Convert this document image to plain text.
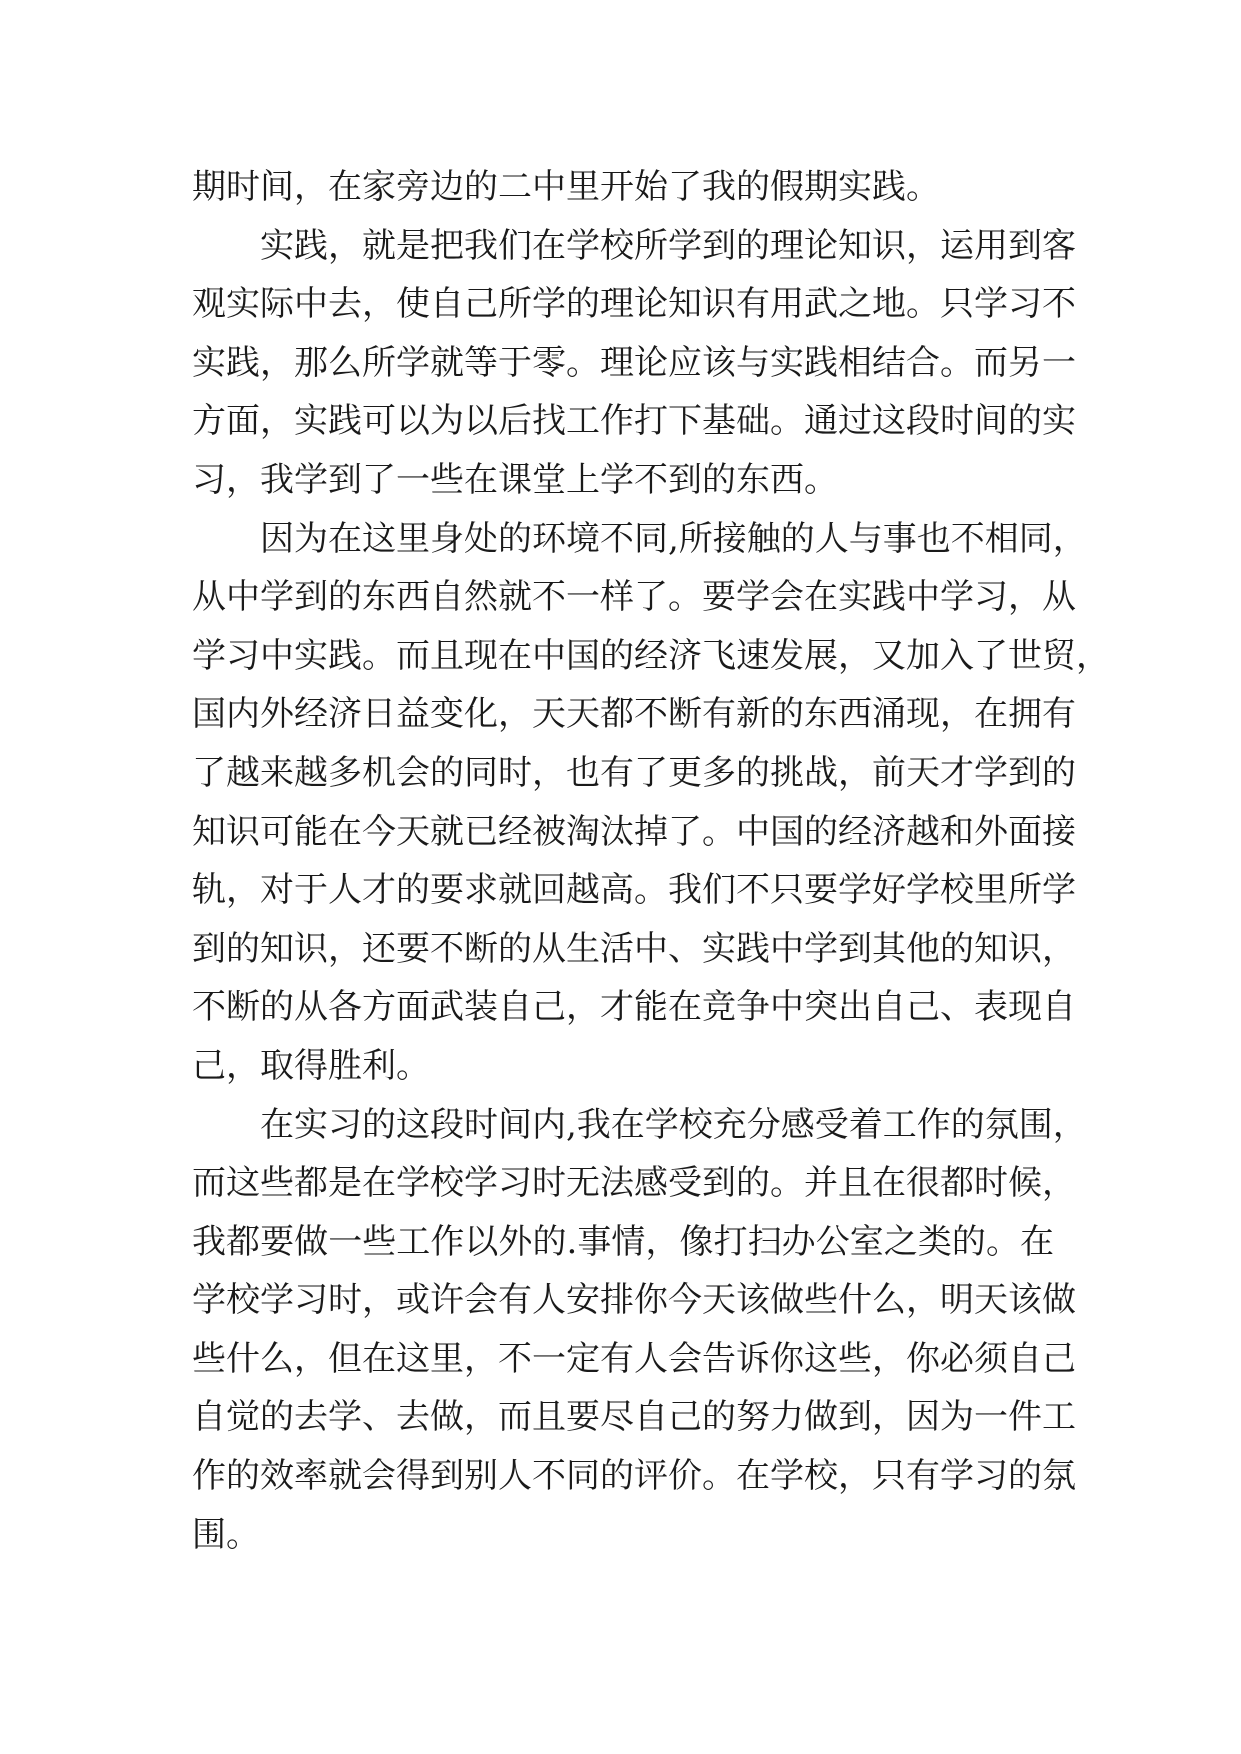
期时间，在家旁边的二中里开始了我的假期实践。
实践，就是把我们在学校所学到的理论知识，运用到客
观实际中去，使自己所学的理论知识有用武之地。只学习不
实践，那么所学就等于零。理论应该与实践相结合。而另一
方面，实践可以为以后找工作打下基础。通过这段时间的实
习，我学到了一些在课堂上学不到的东西。
因为在这里身处的环境不同,所接触的人与事也不相同，
从中学到的东西自然就不一样了。要学会在实践中学习，从
学习中实践。而且现在中国的经济飞速发展，又加入了世贸，
国内外经济日益变化，天天都不断有新的东西涌现，在拥有
了越来越多机会的同时，也有了更多的挑战，前天才学到的
知识可能在今天就已经被淘汰掉了。中国的经济越和外面接
轨，对于人才的要求就回越高。我们不只要学好学校里所学
到的知识，还要不断的从生活中、实践中学到其他的知识，
不断的从各方面武装自己，才能在竞争中突出自己、表现自
己，取得胜利。
在实习的这段时间内,我在学校充分感受着工作的氛围，
而这些都是在学校学习时无法感受到的。并且在很都时候，
我都要做一些工作以外的.事情，像打扫办公室之类的。在
学校学习时，或许会有人安排你今天该做些什么，明天该做
些什么，但在这里，不一定有人会告诉你这些，你必须自己
自觉的去学、去做，而且要尽自己的努力做到，因为一件工
作的效率就会得到别人不同的评价。在学校，只有学习的氛
围。
